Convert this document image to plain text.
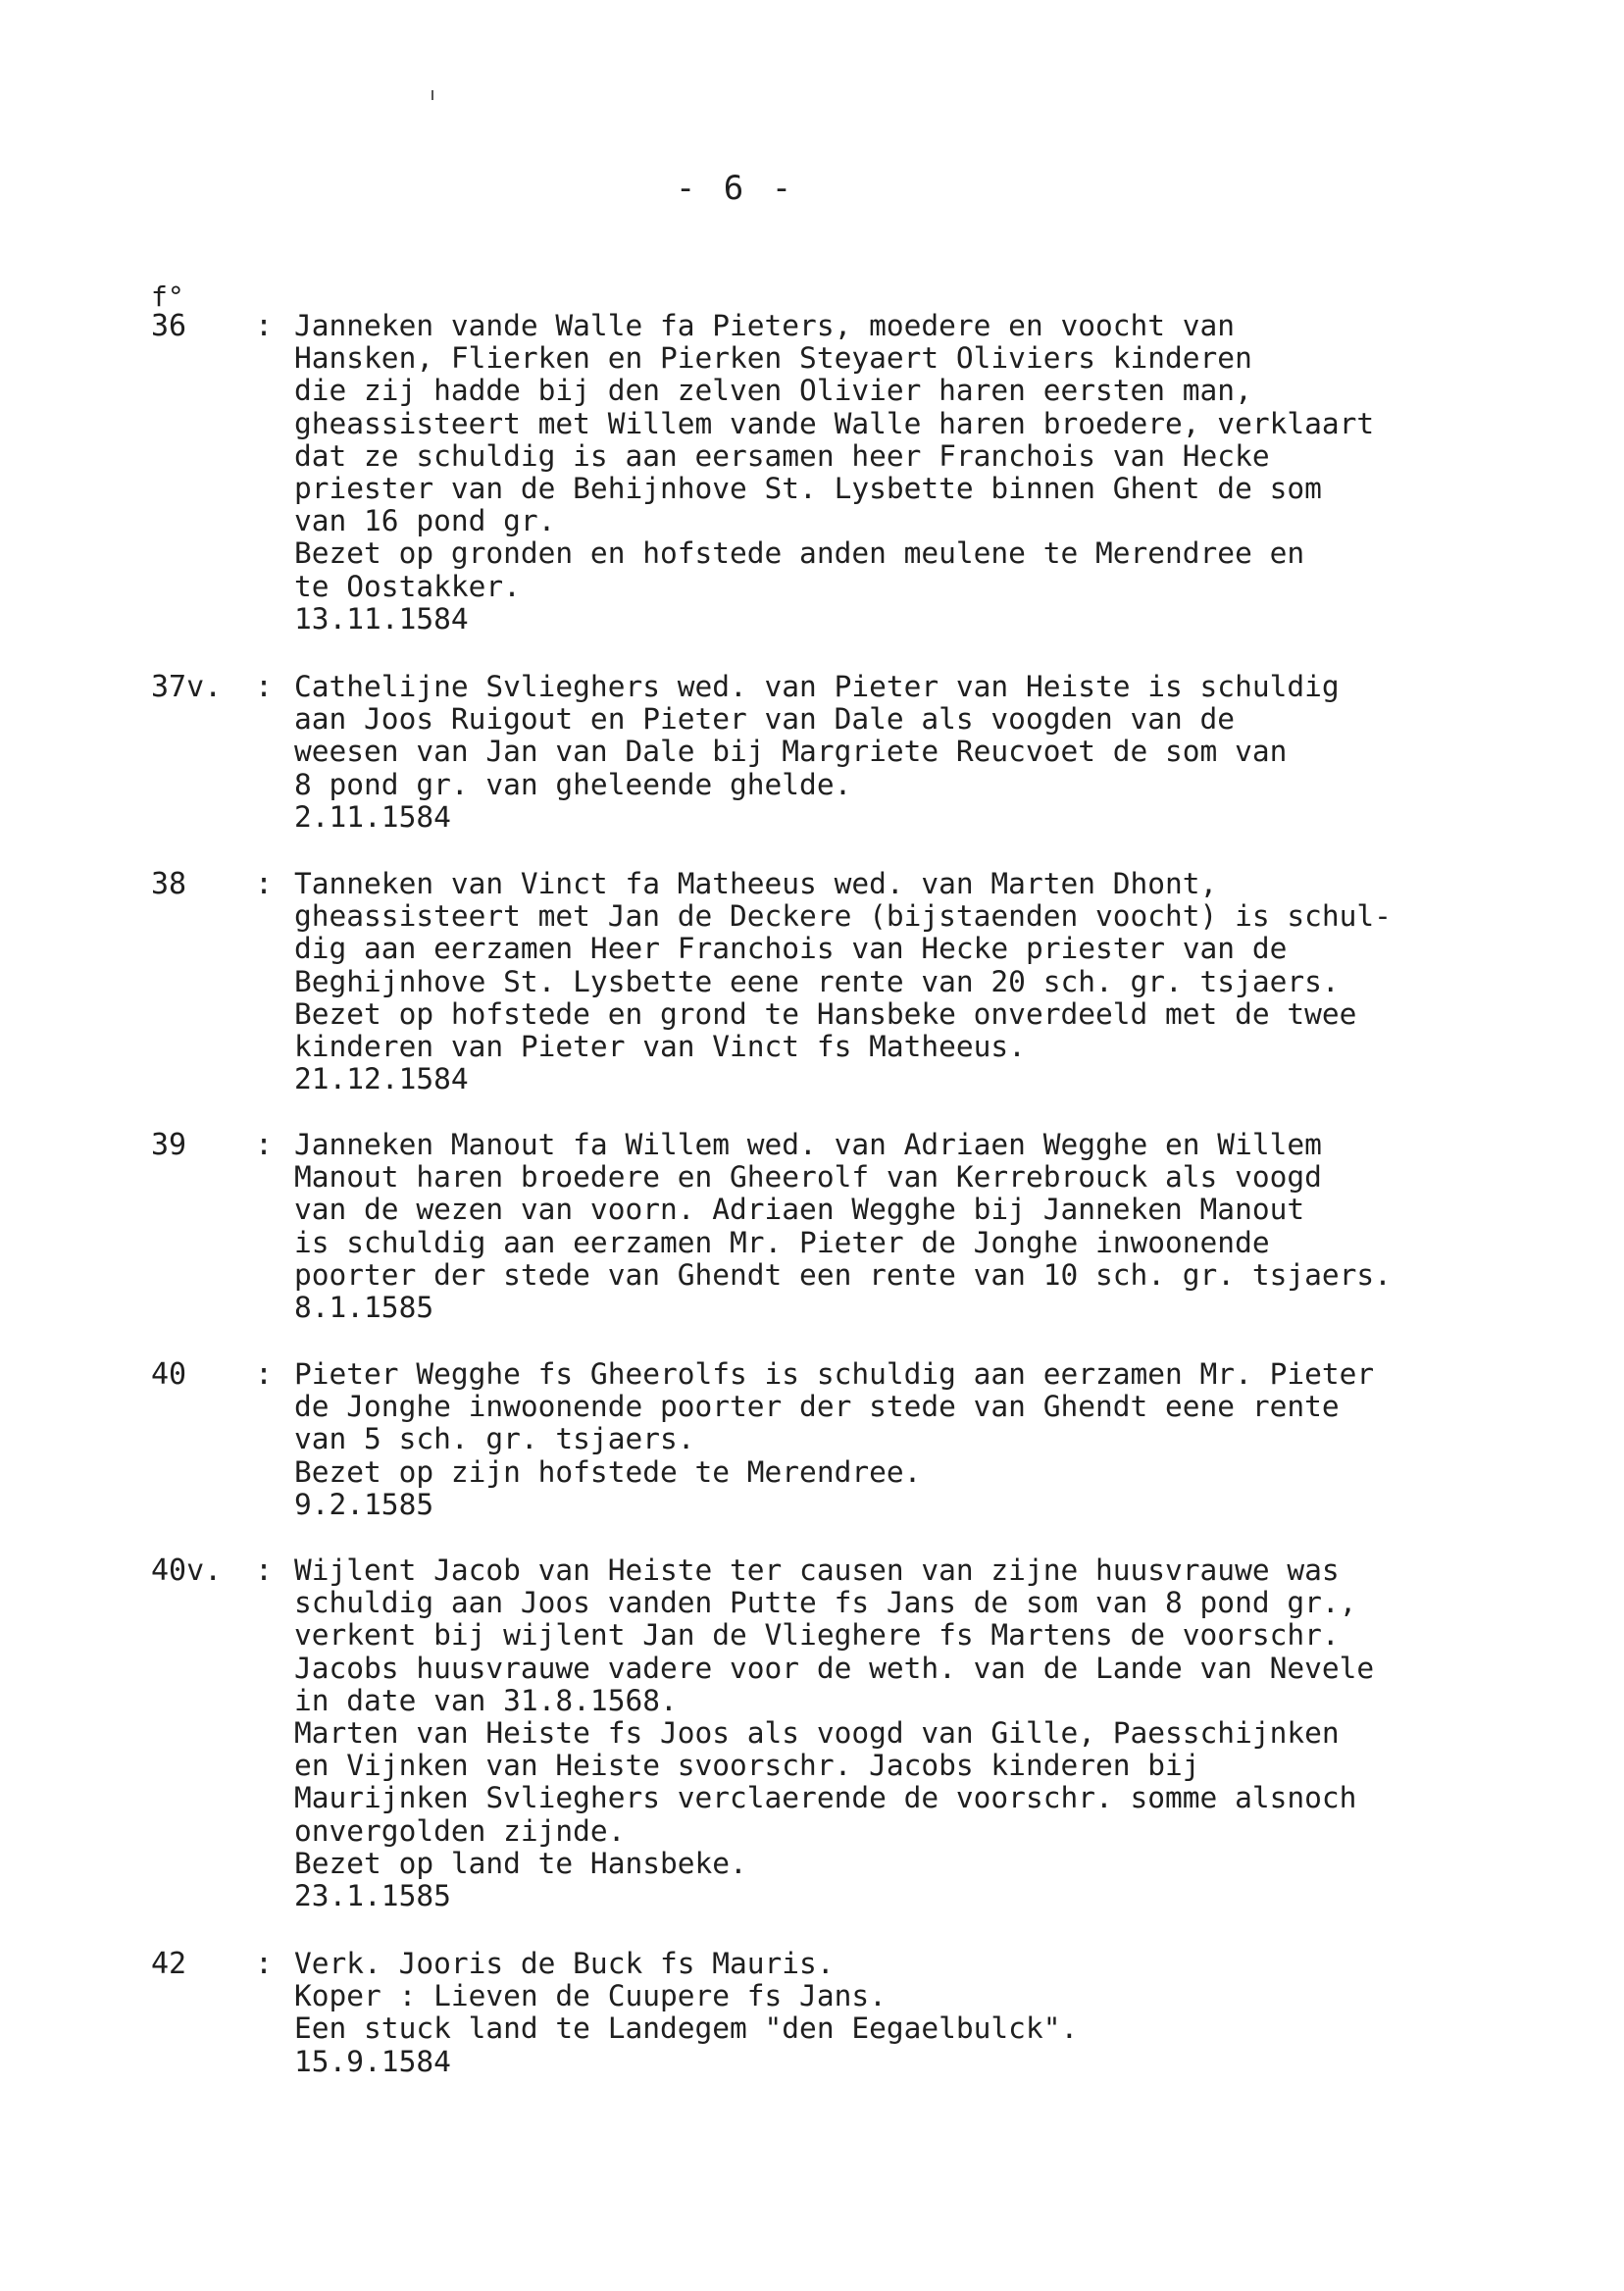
- 6 -
f°
36 : Janneken vande Walle fa Pieters, moedere en voocht van
Hansken, Flierken en Pierken Steyaert Oliviers kinderen
die zij hadde bij den zelven Olivier haren eersten man,
gheassisteert met Willem vande Walle haren broedere, verklaart
dat ze schuldig is aan eersamen heer Franchois van Hecke
priester van de Behijnhove St. Lysbette binnen Ghent de som
van 16 pond gr.
Bezet op gronden en hofstede anden meulene te Merendree en
te Oostakker.
13.11.1584
37v. : Cathelijne Svlieghers wed. van Pieter van Heiste is schuldig
aan Joos Ruigout en Pieter van Dale als voogden van de
weesen van Jan van Dale bij Margriete Reucvoet de som van
8 pond gr. van gheleende ghelde.
2.11.1584
38 : Tanneken van Vinct fa Matheeus wed. van Marten Dhont,
gheassisteert met Jan de Deckere (bijstaenden voocht) is schul-
dig aan eerzamen Heer Franchois van Hecke priester van de
Beghijnhove St. Lysbette eene rente van 20 sch. gr. tsjaers.
Bezet op hofstede en grond te Hansbeke onverdeeld met de twee
kinderen van Pieter van Vinct fs Matheeus.
21.12.1584
39 : Janneken Manout fa Willem wed. van Adriaen Wegghe en Willem
Manout haren broedere en Gheerolf van Kerrebrouck als voogd
van de wezen van voorn. Adriaen Wegghe bij Janneken Manout
is schuldig aan eerzamen Mr. Pieter de Jonghe inwoonende
poorter der stede van Ghendt een rente van 10 sch. gr. tsjaers.
8.1.1585
40 : Pieter Wegghe fs Gheerolfs is schuldig aan eerzamen Mr. Pieter
de Jonghe inwoonende poorter der stede van Ghendt eene rente
van 5 sch. gr. tsjaers.
Bezet op zijn hofstede te Merendree.
9.2.1585
40v. : Wijlent Jacob van Heiste ter causen van zijne huusvrauwe was
schuldig aan Joos vanden Putte fs Jans de som van 8 pond gr.,
verkent bij wijlent Jan de Vlieghere fs Martens de voorschr.
Jacobs huusvrauwe vadere voor de weth. van de Lande van Nevele
in date van 31.8.1568.
Marten van Heiste fs Joos als voogd van Gille, Paesschijnken
en Vijnken van Heiste svoorschr. Jacobs kinderen bij
Maurijnken Svlieghers verclaerende de voorschr. somme alsnoch
onvergolden zijnde.
Bezet op land te Hansbeke.
23.1.1585
42 : Verk. Jooris de Buck fs Mauris.
Koper : Lieven de Cuupere fs Jans.
Een stuck land te Landegem "den Eegaelbulck".
15.9.1584
